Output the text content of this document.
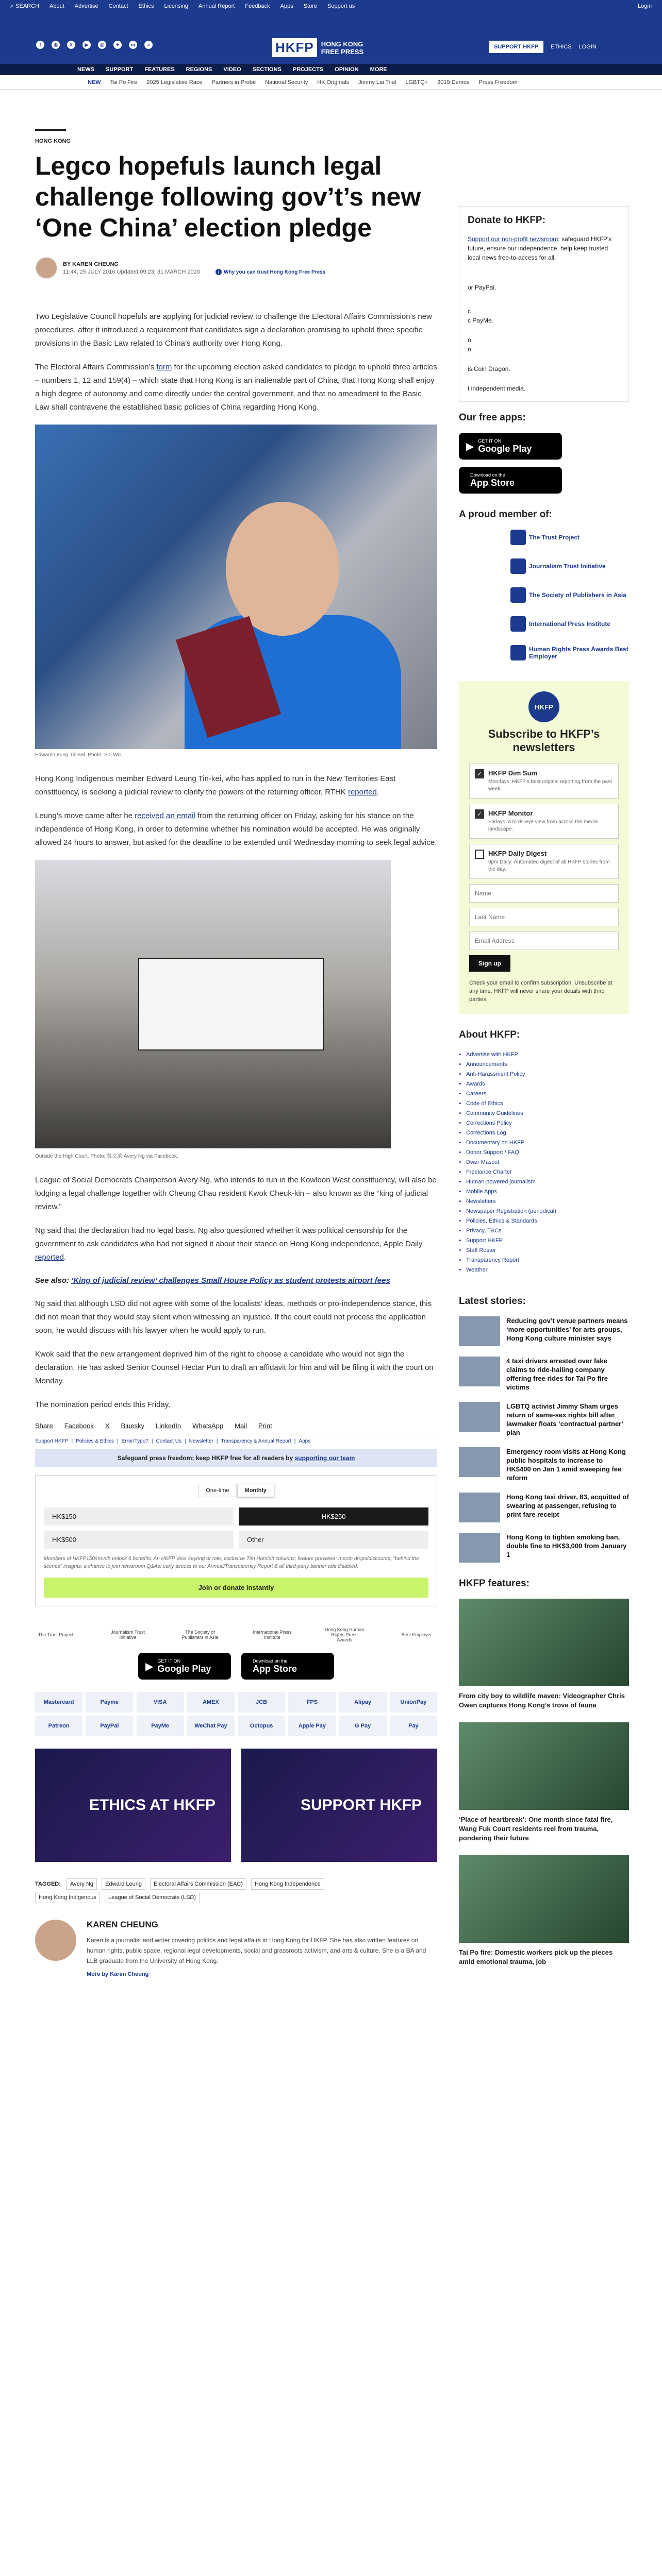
⌕ SEARCH About Advertise Contact Ethics Licensing Annual Report Feedback Apps Store Support us	Login
f	◎	X	▶	@	✦	m	≈	HKFP	HONG KONG
FREE PRESS
SUPPORT HKFP	ETHICS LOGIN
NEWS SUPPORT FEATURES REGIONS VIDEO SECTIONS PROJECTS OPINION MORE
NEW Tai Po Fire 2025 Legislative Race Partners in Probe National Security HK Originals Jimmy Lai Trial LGBTQ+ 2019 Demos Press Freedom
HONG KONG
Legco hopefuls launch legal challenge following gov’t’s new ‘One China’ election pledge
BY KAREN CHEUNG
11:44, 25 JULY 2016 Updated 09:23, 31 MARCH 2020	i Why you can trust Hong Kong Free Press

Two Legislative Council hopefuls are applying for judicial review to challenge the Electoral Affairs Commission’s new procedures, after it introduced a requirement that candidates sign a declaration promising to uphold three specific provisions in the Basic Law related to China’s authority over Hong Kong.

The Electoral Affairs Commission’s form for the upcoming election asked candidates to pledge to uphold three articles – numbers 1, 12 and 159(4) – which state that Hong Kong is an inalienable part of China, that Hong Kong shall enjoy a high degree of autonomy and come directly under the central government, and that no amendment to the Basic Law shall contravene the established basic policies of China regarding Hong Kong.

Edward Leung Tin-kei. Photo: Sol Wu.

Hong Kong Indigenous member Edward Leung Tin-kei, who has applied to run in the New Territories East constituency, is seeking a judicial review to clarify the powers of the returning officer, RTHK reported.

Leung’s move came after he received an email from the returning officer on Friday, asking for his stance on the independence of Hong Kong, in order to determine whether his nomination would be accepted. He was originally allowed 24 hours to answer, but asked for the deadline to be extended until Wednesday morning to seek legal advice.

Outside the High Court. Photo: 吳文遠 Avery Ng via Facebook.

League of Social Democrats Chairperson Avery Ng, who intends to run in the Kowloon West constituency, will also be lodging a legal challenge together with Cheung Chau resident Kwok Cheuk-kin – also known as the “king of judicial review.”

Ng said that the declaration had no legal basis. Ng also questioned whether it was political censorship for the government to ask candidates who had not signed it about their stance on Hong Kong independence, Apple Daily reported.

See also: ‘King of judicial review’ challenges Small House Policy as student protests airport fees

Ng said that although LSD did not agree with some of the localists’ ideas, methods or pro-independence stance, this did not mean that they would stay silent when witnessing an injustice. If the court could not process the application soon, he would discuss with his lawyer when he would apply to run.

Kwok said that the new arrangement deprived him of the right to choose a candidate who would not sign the declaration. He has asked Senior Counsel Hectar Pun to draft an affidavit for him and will be filing it with the court on Monday.

The nomination period ends this Friday.

Share Facebook X Bluesky LinkedIn WhatsApp Mail Print
Support HKFP | Policies & Ethics | Error/Typo? | Contact Us | Newsletter | Transparency & Annual Report | Apps
Safeguard press freedom; keep HKFP free for all readers by supporting our team
One-time	Monthly
HK$150	HK$250
HK$500	Other

Members of HKFP150/month unlock 6 benefits: An HKFP Veer keyring or tote; exclusive Tim Hamlett columns; feature previews; merch drops/discounts; "behind the scenes" insights; a chance to join newsroom Q&As; early access to our Annual/Transparency Report & all third-party banner ads disabled.

Join or donate instantly
The Trust Project	Journalism Trust Initiative
The Society of Publishers in Asia
International Press Institute
Hong Kong Human Rights Press Awards
Best Employer
▶ GET IT ON
Google Play
Download on the
App Store
Mastercard	Payme	VISA	AMEX	JCB	FPS	Alipay	UnionPay
Patreon	PayPal	PayMe	WeChat Pay	Octopus	Apple Pay	G Pay	Pay
ETHICS AT HKFP	SUPPORT HKFP
TAGGED: Avery Ng Edward Leung Electoral Affairs Commission (EAC) Hong Kong Independence
Hong Kong Indigenous League of Social Democrats (LSD)
KAREN CHEUNG

Karen is a journalist and writer covering politics and legal affairs in Hong Kong for HKFP. She has also written features on human rights, public space, regional legal developments, social and grassroots activism, and arts & culture. She is a BA and LLB graduate from the University of Hong Kong.

More by Karen Cheung
Donate to HKFP:
Support our non-profit newsroom: safeguard HKFP's future, ensure our independence, help keep trusted local news free-to-access for all.
or PayPal.
c
c PayMe.
n
n
is Coin Dragon.
t independent media.
Our free apps:
▶ GET IT ON
Google Play
Download on the
App Store
A proud member of:
The Trust Project
Journalism Trust Initiative
The Society of Publishers in Asia
International Press Institute
Human Rights Press Awards Best Employer
HKFP
Subscribe to HKFP’s newsletters
✓ HKFP Dim Sum
Mondays: HKFP's best original reporting from the past week.
✓ HKFP Monitor
Fridays: A birds-eye view from across the media landscape.
HKFP Daily Digest
9pm Daily: Automated digest of all HKFP stories from the day.
Name Last Name Email Address Sign up

Check your email to confirm subscription. Unsubscribe at any time. HKFP will never share your details with third parties.

About HKFP:
• Advertise with HKFP
• Announcements
• Anti-Harassment Policy
• Awards
• Careers
• Code of Ethics
• Community Guidelines
• Corrections Policy
• Corrections Log
• Documentary on HKFP
• Donor Support / FAQ
• Dwer Mascot
• Freelance Charter
• Human-powered journalism
• Mobile Apps
• Newsletters
• Newspaper Registration (periodical)
• Policies, Ethics & Standards
• Privacy, T&Cs
• Support HKFP
• Staff Roster
• Transparency Report
• Weather
Latest stories:
Reducing gov’t venue partners means ‘more opportunities’ for arts groups, Hong Kong culture minister says
4 taxi drivers arrested over fake claims to ride-hailing company offering free rides for Tai Po fire victims
LGBTQ activist Jimmy Sham urges return of same-sex rights bill after lawmaker floats ‘contractual partner’ plan
Emergency room visits at Hong Kong public hospitals to increase to HK$400 on Jan 1 amid sweeping fee reform
Hong Kong taxi driver, 83, acquitted of swearing at passenger, refusing to print fare receipt
Hong Kong to tighten smoking ban, double fine to HK$3,000 from January 1
HKFP features:
From city boy to wildlife maven: Videographer Chris Owen captures Hong Kong’s trove of fauna
‘Place of heartbreak’: One month since fatal fire, Wang Fuk Court residents reel from trauma, pondering their future
Tai Po fire: Domestic workers pick up the pieces amid emotional trauma, job
